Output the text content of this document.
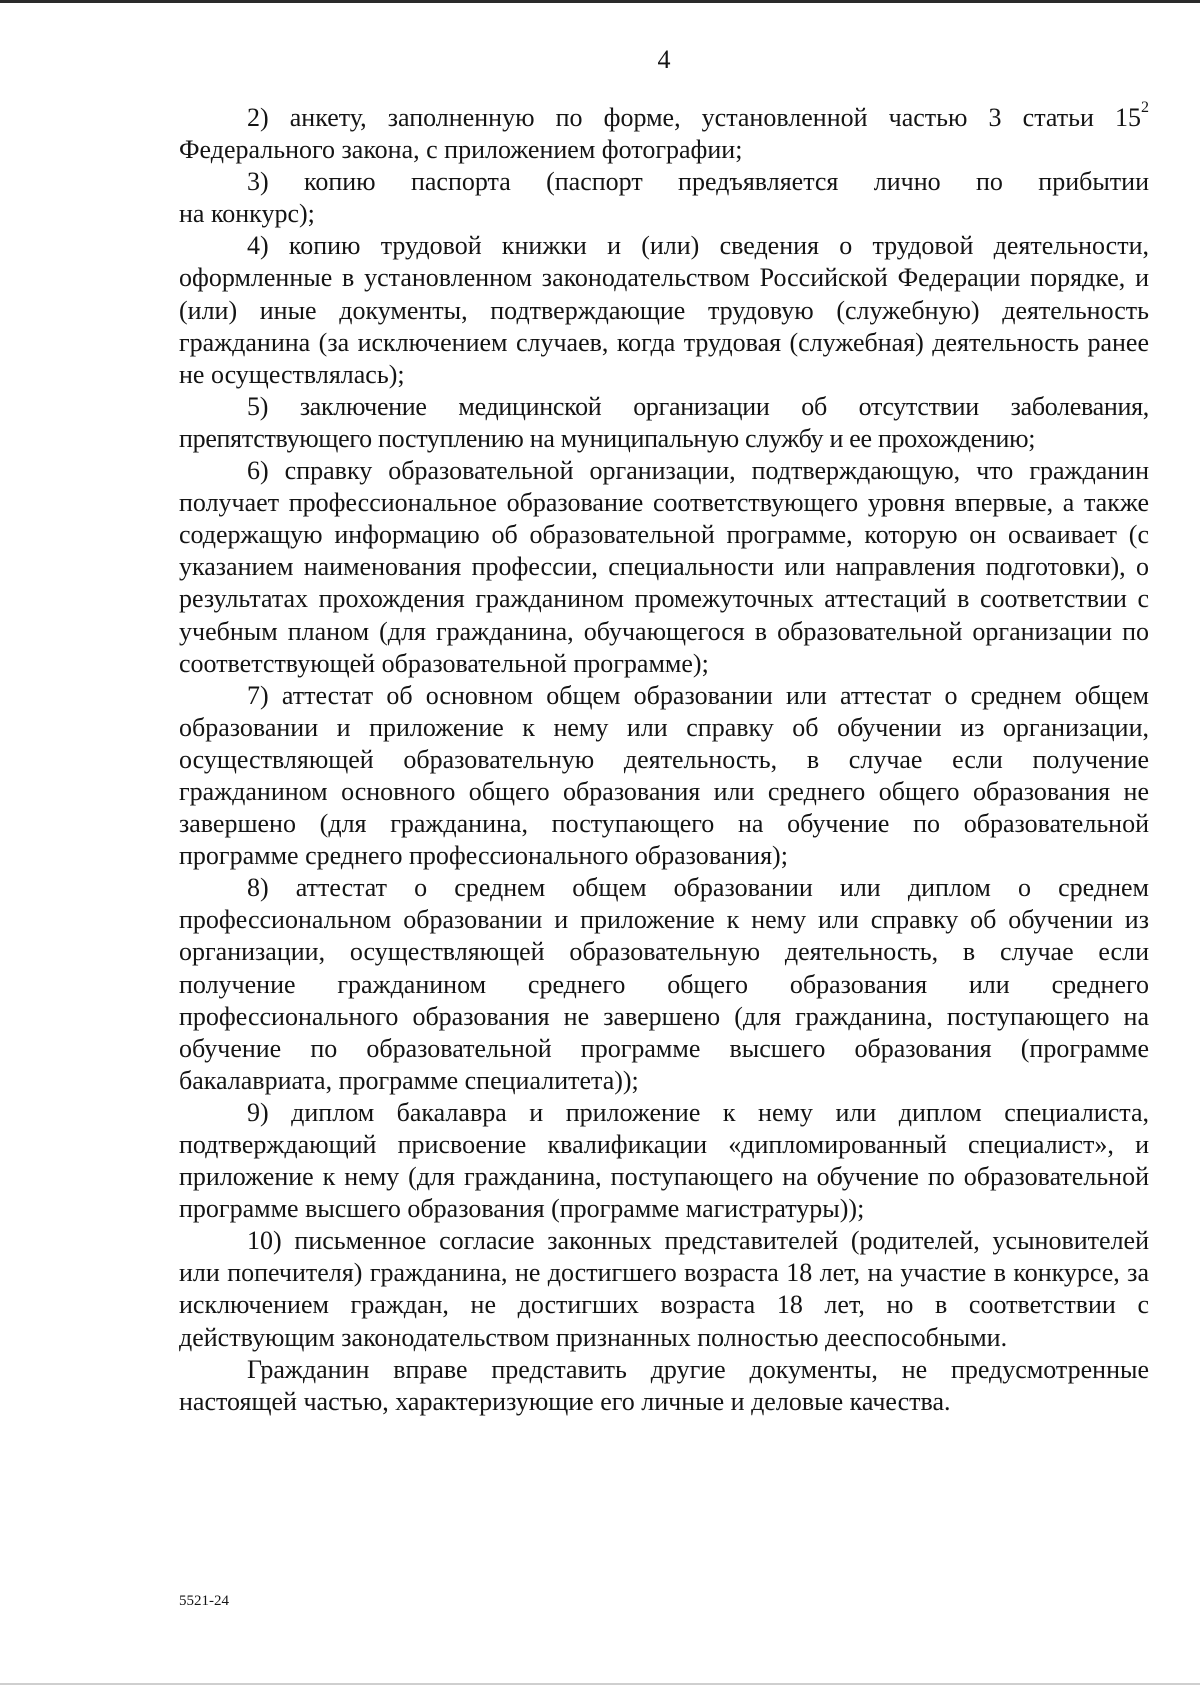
4

2) анкету, заполненную по форме, установленной частью 3 статьи $15^2$

Федерального закона, с приложением фотографии;

3) копию паспорта (паспорт предъявляется лично по прибытии

на конкурс);

4) копию трудовой книжки и (или) сведения о трудовой деятельности, оформленные в установленном законодательством Российской Федерации порядке, и (или) иные документы, подтверждающие трудовую (служебную) деятельность гражданина (за исключением случаев, когда трудовая (служебная) деятельность ранее не осуществлялась);

5) заключение медицинской организации об отсутствии заболевания, препятствующего поступлению на муниципальную службу и ее прохождению;

6) справку образовательной организации, подтверждающую, что гражданин получает профессиональное образование соответствующего уровня впервые, а также содержащую информацию об образовательной программе, которую он осваивает (с указанием наименования профессии, специальности или направления подготовки), о результатах прохождения гражданином промежуточных аттестаций в соответствии с учебным планом (для гражданина, обучающегося в образовательной организации по соответствующей образовательной программе);

7) аттестат об основном общем образовании или аттестат о среднем общем образовании и приложение к нему или справку об обучении из организации, осуществляющей образовательную деятельность, в случае если получение гражданином основного общего образования или среднего общего образования не завершено (для гражданина, поступающего на обучение по образовательной программе среднего профессионального образования);

8) аттестат о среднем общем образовании или диплом о среднем профессиональном образовании и приложение к нему или справку об обучении из организации, осуществляющей образовательную деятельность, в случае если получение гражданином среднего общего образования или среднего профессионального образования не завершено (для гражданина, поступающего на обучение по образовательной программе высшего образования (программе бакалавриата, программе специалитета));

9) диплом бакалавра и приложение к нему или диплом специалиста, подтверждающий присвоение квалификации «дипломированный специалист», и приложение к нему (для гражданина, поступающего на обучение по образовательной программе высшего образования (программе магистратуры));

10) письменное согласие законных представителей (родителей, усыновителей или попечителя) гражданина, не достигшего возраста 18 лет, на участие в конкурсе, за исключением граждан, не достигших возраста 18 лет, но в соответствии с действующим законодательством признанных полностью дееспособными.

Гражданин вправе представить другие документы, не предусмотренные настоящей частью, характеризующие его личные и деловые качества.

5521-24
